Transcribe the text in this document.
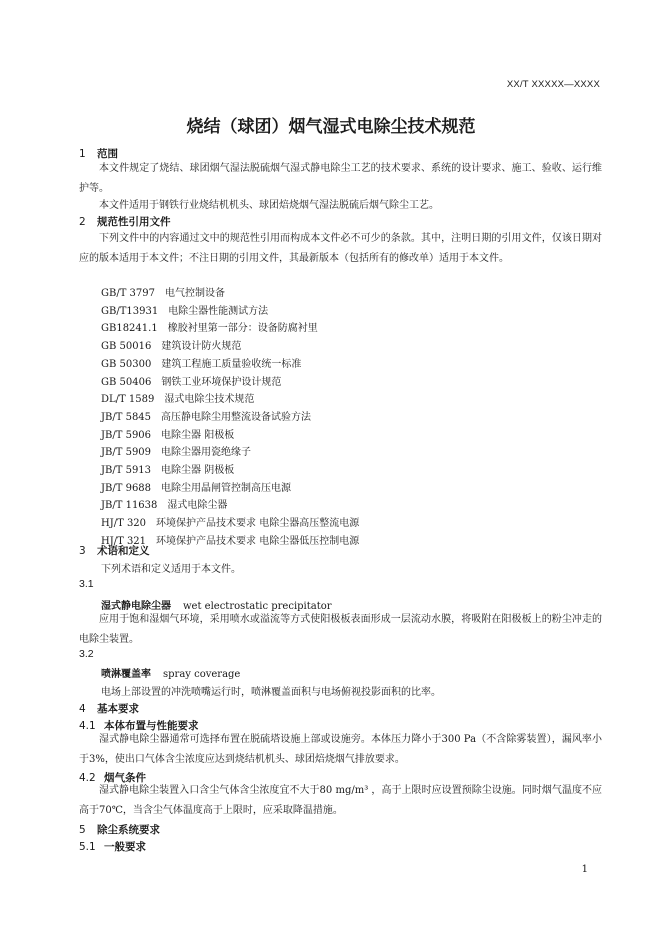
XX/T XXXXX—XXXX
烧结（球团）烟气湿式电除尘技术规范
1 范围
本文件规定了烧结、球团烟气湿法脱硫烟气湿式静电除尘工艺的技术要求、系统的设计要求、施工、验收、运行维护等。
本文件适用于钢铁行业烧结机机头、球团焙烧烟气湿法脱硫后烟气除尘工艺。
2 规范性引用文件
下列文件中的内容通过文中的规范性引用而构成本文件必不可少的条款。其中，注明日期的引用文件，仅该日期对应的版本适用于本文件；不注日期的引用文件，其最新版本（包括所有的修改单）适用于本文件。
GB/T 3797 电气控制设备
GB/T13931 电除尘器性能测试方法
GB18241.1 橡胶衬里第一部分：设备防腐衬里
GB 50016 建筑设计防火规范
GB 50300 建筑工程施工质量验收统一标准
GB 50406 钢铁工业环境保护设计规范
DL/T 1589 湿式电除尘技术规范
JB/T 5845 高压静电除尘用整流设备试验方法
JB/T 5906 电除尘器 阳极板
JB/T 5909 电除尘器用瓷绝缘子
JB/T 5913 电除尘器 阴极板
JB/T 9688 电除尘用晶闸管控制高压电源
JB/T 11638 湿式电除尘器
HJ/T 320 环境保护产品技术要求 电除尘器高压整流电源
HJ/T 321 环境保护产品技术要求 电除尘器低压控制电源
3 术语和定义
下列术语和定义适用于本文件。
3.1
湿式静电除尘器 wet electrostatic precipitator
应用于饱和湿烟气环境，采用喷水或溢流等方式使阳极板表面形成一层流动水膜，将吸附在阳极板上的粉尘冲走的电除尘装置。
3.2
喷淋覆盖率 spray coverage
电场上部设置的冲洗喷嘴运行时，喷淋覆盖面积与电场俯视投影面积的比率。
4 基本要求
4.1 本体布置与性能要求
湿式静电除尘器通常可选择布置在脱硫塔设施上部或设施旁。本体压力降小于300 Pa（不含除雾装置），漏风率小于3%，使出口气体含尘浓度应达到烧结机机头、球团焙烧烟气排放要求。
4.2 烟气条件
湿式静电除尘装置入口含尘气体含尘浓度宜不大于80 mg/m³ ，高于上限时应设置预除尘设施。同时烟气温度不应高于70℃，当含尘气体温度高于上限时，应采取降温措施。
5 除尘系统要求
5.1 一般要求
1
